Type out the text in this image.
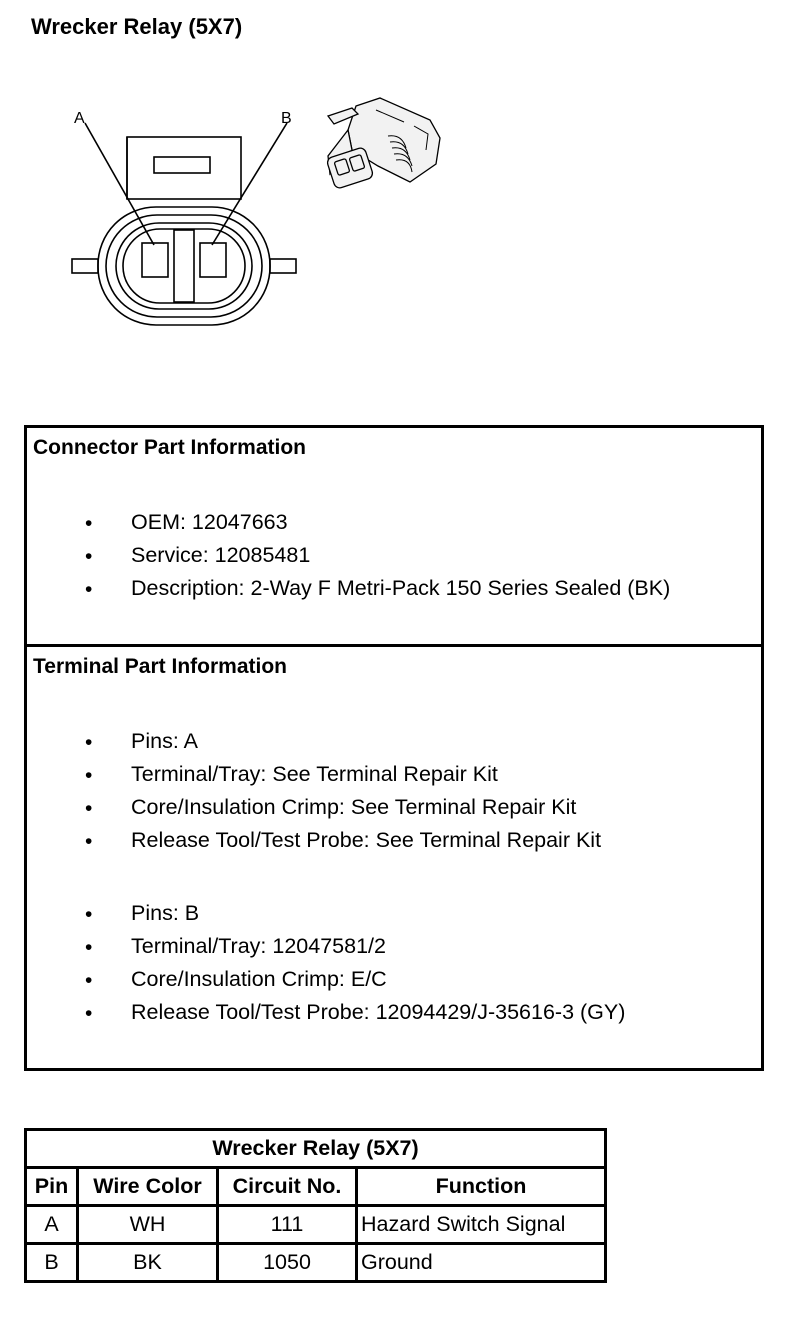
Wrecker Relay (5X7)
A	B
Connector Part Information
• OEM: 12047663
• Service: 12085481
• Description: 2-Way F Metri-Pack 150 Series Sealed (BK)
Terminal Part Information
• Pins: A
• Terminal/Tray: See Terminal Repair Kit
• Core/Insulation Crimp: See Terminal Repair Kit
• Release Tool/Test Probe: See Terminal Repair Kit
• Pins: B
• Terminal/Tray: 12047581/2
• Core/Insulation Crimp: E/C
• Release Tool/Test Probe: 12094429/J-35616-3 (GY)
Wrecker Relay (5X7)			
Pin	Wire Color	Circuit No.	Function
A	WH	111	Hazard Switch Signal
B	BK	1050	Ground
